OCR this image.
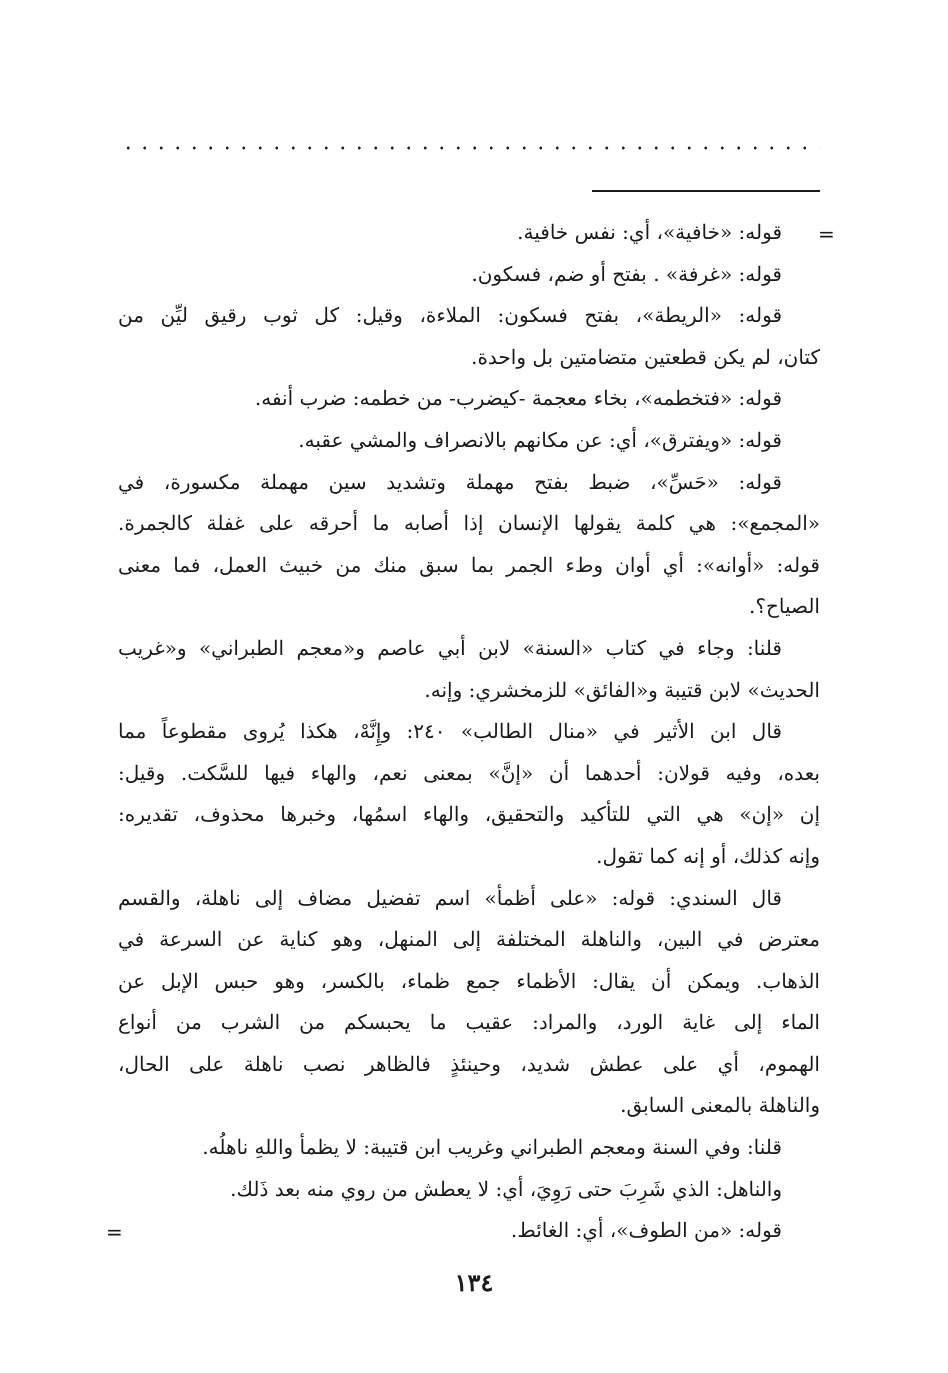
=
قوله: «خافية»، أي: نفس خافية.
قوله: «غرفة» . بفتح أو ضم، فسكون.
قوله: «الريطة»، بفتح فسكون: الملاءة، وقيل: كل ثوب رقيق ليِّن من
كتان، لم يكن قطعتين متضامتين بل واحدة.
قوله: «فتخطمه»، بخاء معجمة -كيضرب- من خطمه: ضرب أنفه.
قوله: «ويفترق»، أي: عن مكانهم بالانصراف والمشي عقبه.
قوله: «حَسِّ»، ضبط بفتح مهملة وتشديد سين مهملة مكسورة، في
«المجمع»: هي كلمة يقولها الإنسان إذا أصابه ما أحرقه على غفلة كالجمرة.
قوله: «أوانه»: أي أوان وطء الجمر بما سبق منك من خبيث العمل، فما معنى
الصياح؟.
قلنا: وجاء في كتاب «السنة» لابن أبي عاصم و«معجم الطبراني» و«غريب
الحديث» لابن قتيبة و«الفائق» للزمخشري: وإنه.
قال ابن الأثير في «منال الطالب» ٢٤٠: وإِنَّهْ، هكذا يُروى مقطوعاً مما
بعده، وفيه قولان: أحدهما أن «إنَّ» بمعنى نعم، والهاء فيها للسَّكت. وقيل:
إن «إن» هي التي للتأكيد والتحقيق، والهاء اسمُها، وخبرها محذوف، تقديره:
وإنه كذلك، أو إنه كما تقول.
قال السندي: قوله: «على أظمأ» اسم تفضيل مضاف إلى ناهلة، والقسم
معترض في البين، والناهلة المختلفة إلى المنهل، وهو كناية عن السرعة في
الذهاب. ويمكن أن يقال: الأظماء جمع ظماء، بالكسر، وهو حبس الإبل عن
الماء إلى غاية الورد، والمراد: عقيب ما يحبسكم من الشرب من أنواع
الهموم، أي على عطش شديد، وحينئذٍ فالظاهر نصب ناهلة على الحال،
والناهلة بالمعنى السابق.
قلنا: وفي السنة ومعجم الطبراني وغريب ابن قتيبة: لا يظمأ واللهِ ناهلُه.
والناهل: الذي شَرِبَ حتى رَوِيَ، أي: لا يعطش من روي منه بعد ذَلك.
قوله: «من الطوف»، أي: الغائط.
=
١٣٤
